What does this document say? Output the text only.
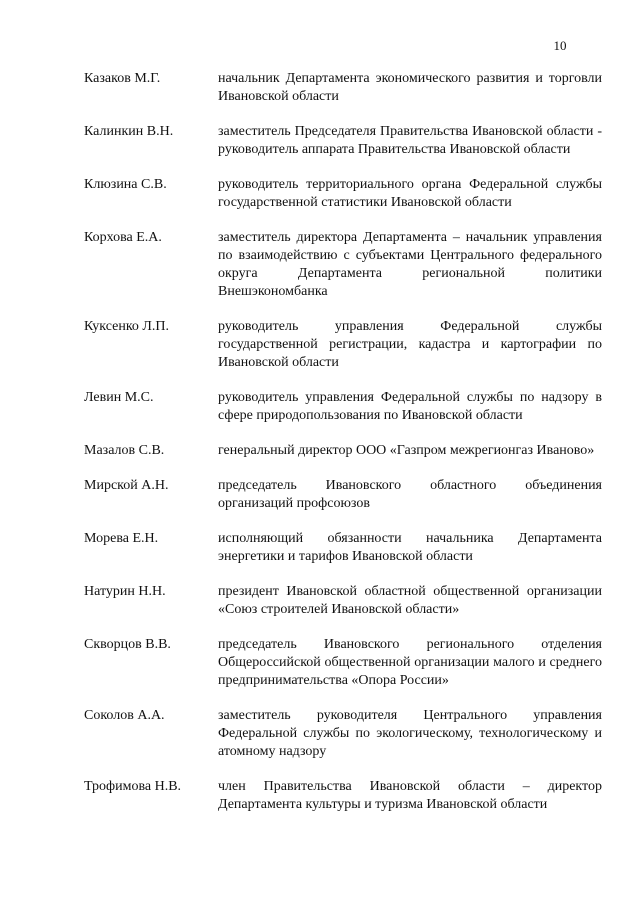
10
Казаков М.Г.	начальник Департамента экономического развития и торговли Ивановской области
Калинкин В.Н.	заместитель Председателя Правительства Ивановской области - руководитель аппарата Правительства Ивановской области
Клюзина С.В.	руководитель территориального органа Федеральной службы государственной статистики Ивановской области
Корхова Е.А.	заместитель директора Департамента – начальник управления по взаимодействию с субъектами Центрального федерального округа Департамента региональной политики Внешэкономбанка
Куксенко Л.П.	руководитель управления Федеральной службы государственной регистрации, кадастра и картографии по Ивановской области
Левин М.С.	руководитель управления Федеральной службы по надзору в сфере природопользования по Ивановской области
Мазалов С.В.	генеральный директор ООО «Газпром межрегионгаз Иваново»
Мирской А.Н.	председатель Ивановского областного объединения организаций профсоюзов
Морева Е.Н.	исполняющий обязанности начальника Департамента энергетики и тарифов Ивановской области
Натурин Н.Н.	президент Ивановской областной общественной организации «Союз строителей Ивановской области»
Скворцов В.В.	председатель Ивановского регионального отделения Общероссийской общественной организации малого и среднего предпринимательства «Опора России»
Соколов А.А.	заместитель руководителя Центрального управления Федеральной службы по экологическому, технологическому и атомному надзору
Трофимова Н.В.	член Правительства Ивановской области – директор Департамента культуры и туризма Ивановской области
